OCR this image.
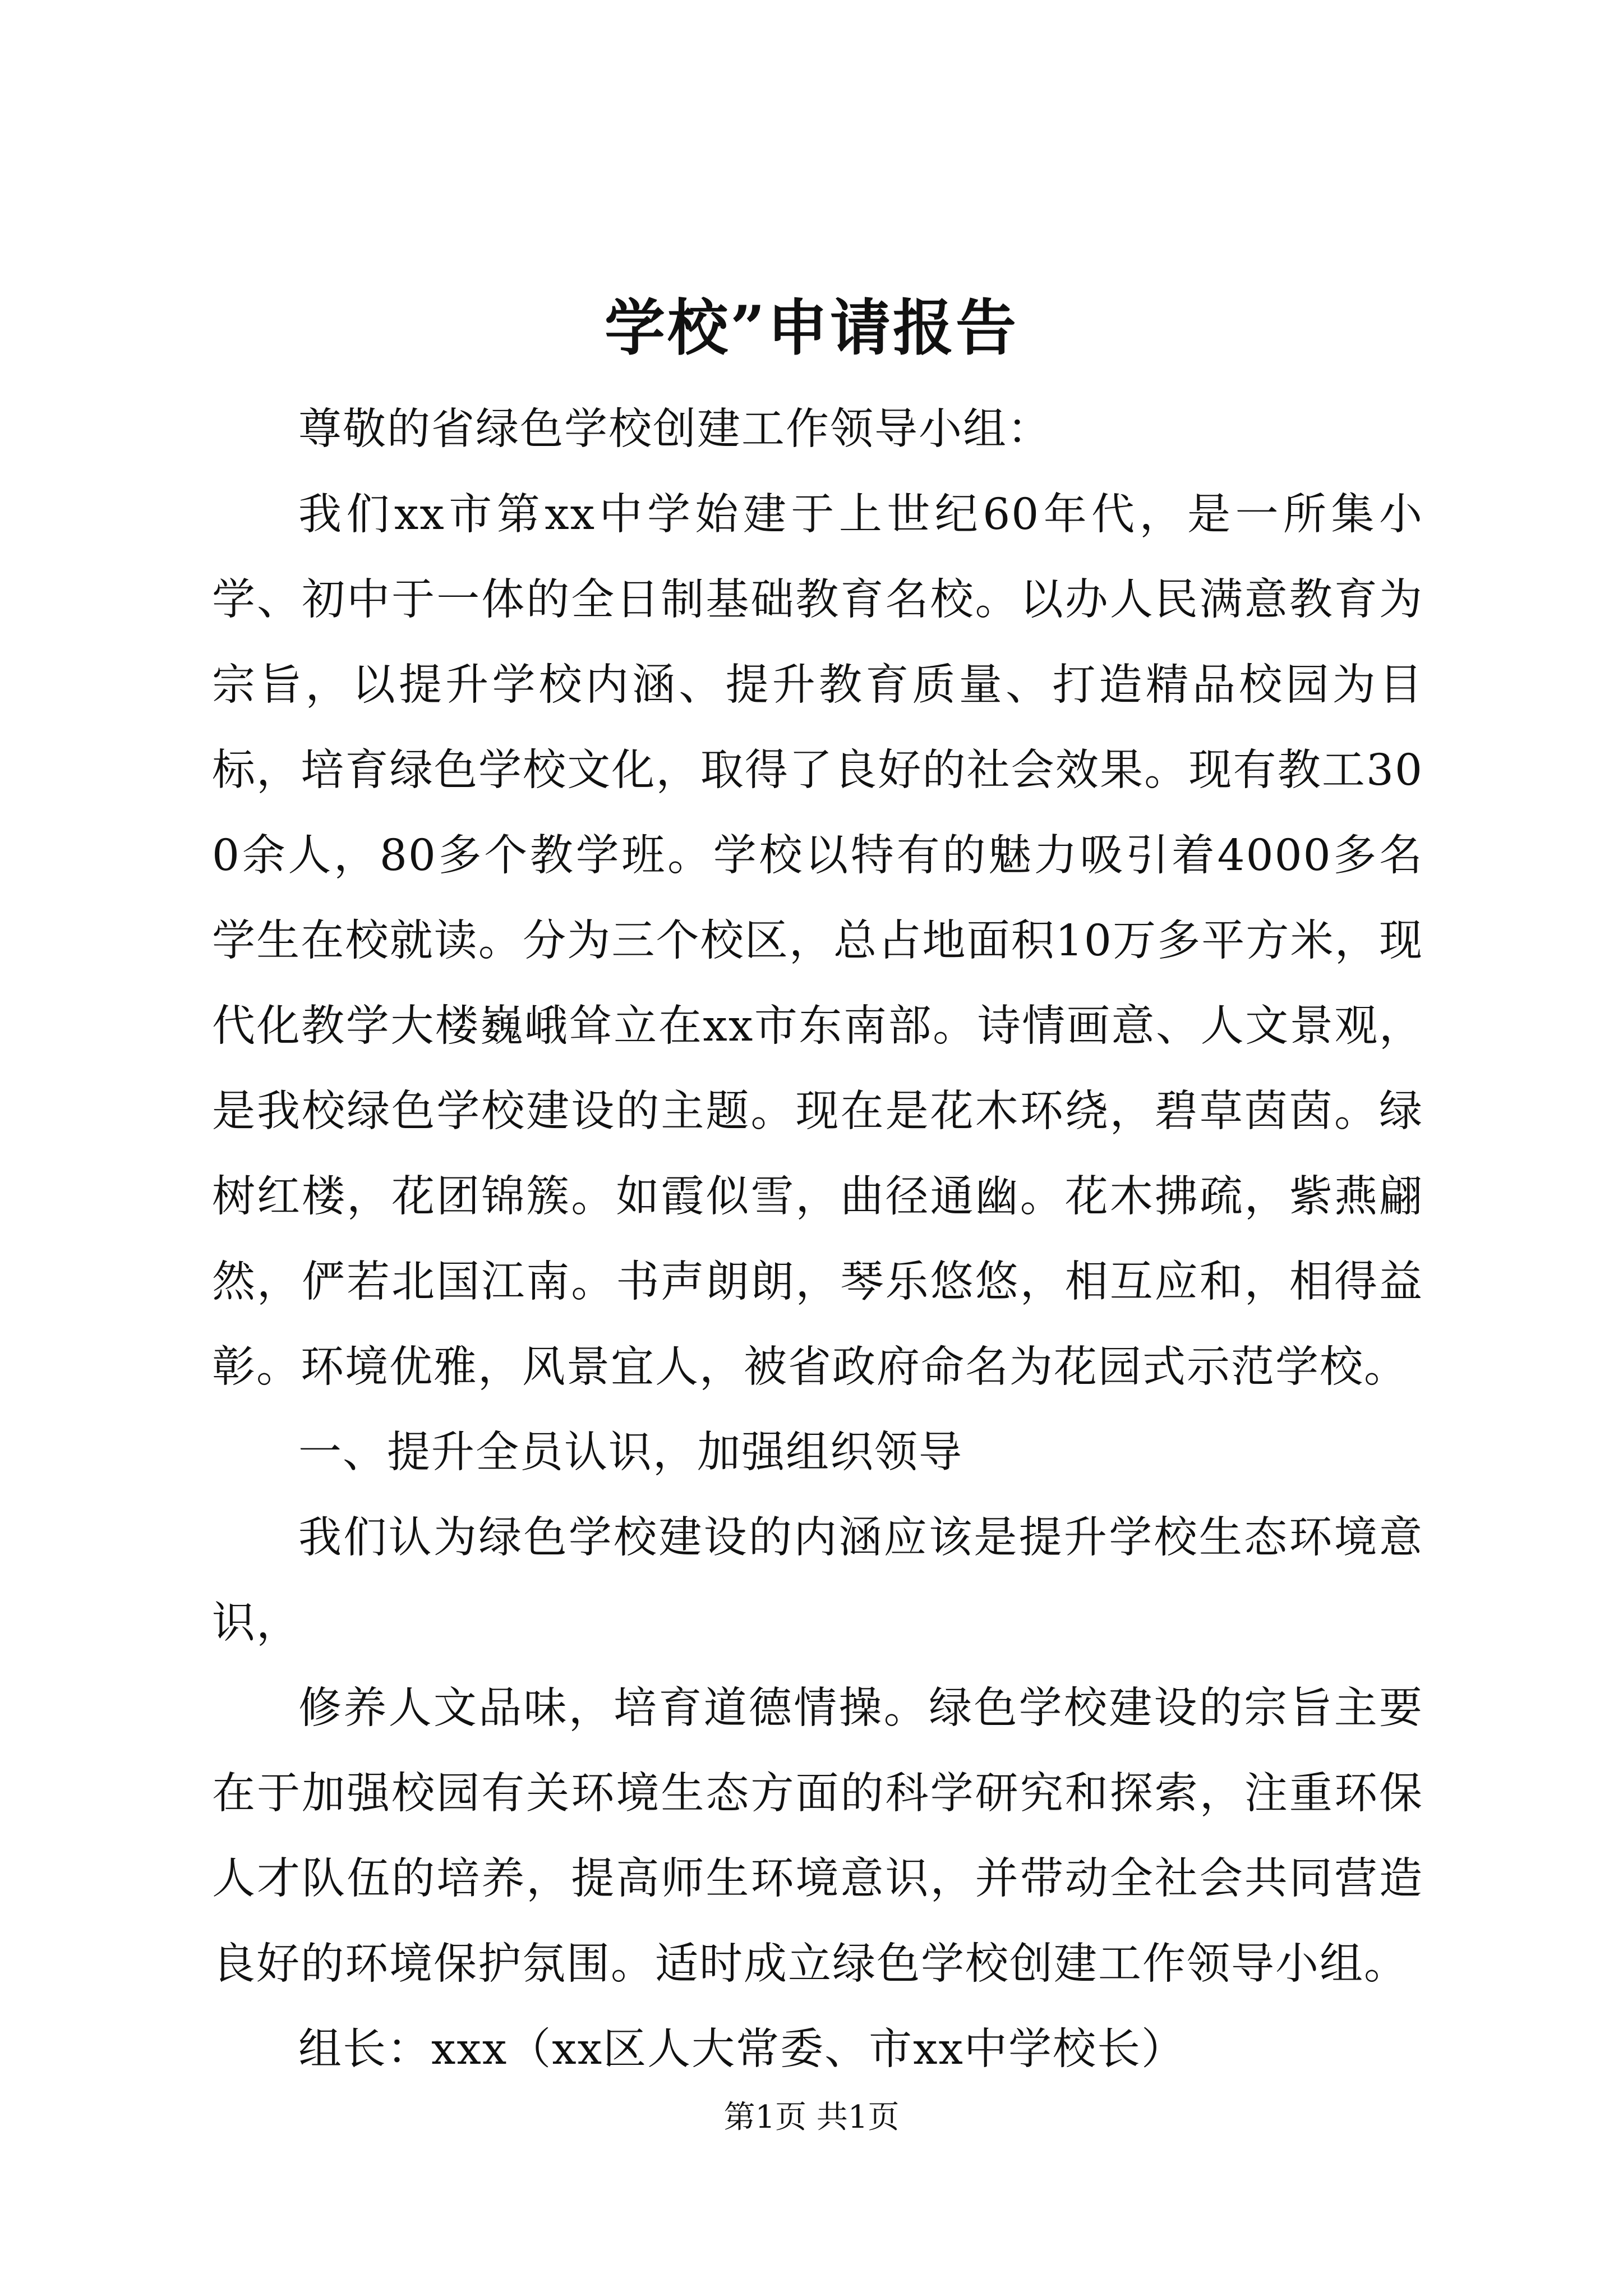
学校”申请报告

尊敬的省绿色学校创建工作领导小组：

我们xx市第xx中学始建于上世纪60年代，是一所集小学、初中于一体的全日制基础教育名校。以办人民满意教育为宗旨，以提升学校内涵、提升教育质量、打造精品校园为目标，培育绿色学校文化，取得了良好的社会效果。现有教工300余人，80多个教学班。学校以特有的魅力吸引着4000多名学生在校就读。分为三个校区，总占地面积10万多平方米，现代化教学大楼巍峨耸立在xx市东南部。诗情画意、人文景观，是我校绿色学校建设的主题。现在是花木环绕，碧草茵茵。绿树红楼，花团锦簇。如霞似雪，曲径通幽。花木拂疏，紫燕翩然，俨若北国江南。书声朗朗，琴乐悠悠，相互应和，相得益彰。环境优雅，风景宜人，被省政府命名为花园式示范学校。

一、提升全员认识，加强组织领导

我们认为绿色学校建设的内涵应该是提升学校生态环境意识，

修养人文品味，培育道德情操。绿色学校建设的宗旨主要在于加强校园有关环境生态方面的科学研究和探索，注重环保人才队伍的培养，提高师生环境意识，并带动全社会共同营造良好的环境保护氛围。适时成立绿色学校创建工作领导小组。

组长：xxx（xx区人大常委、市xx中学校长）

第1页 共1页
